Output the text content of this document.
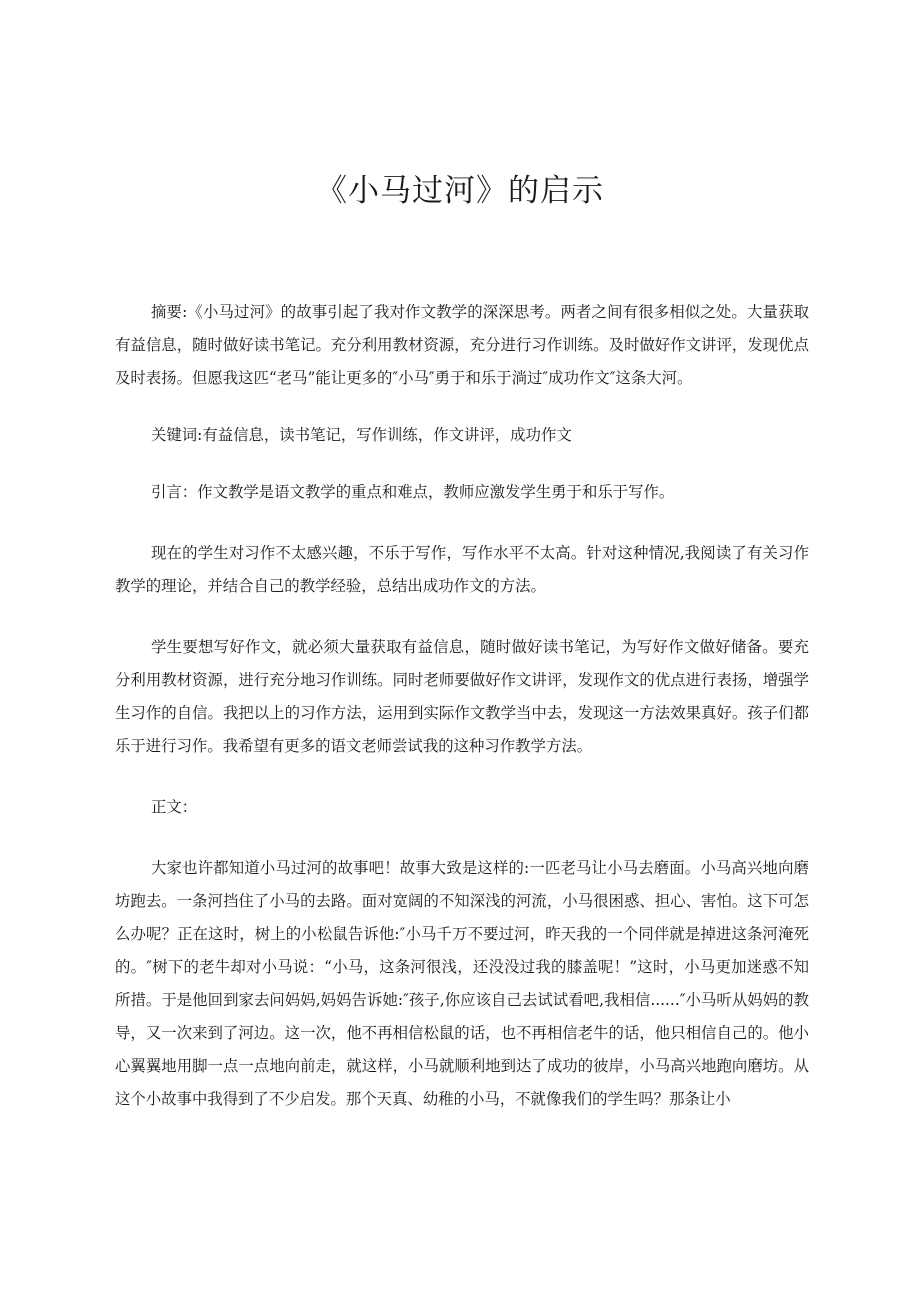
《小马过河》的启示

摘要:《小马过河》的故事引起了我对作文教学的深深思考。两者之间有很多相似之处。大量获取有益信息，随时做好读书笔记。充分利用教材资源，充分进行习作训练。及时做好作文讲评，发现优点及时表扬。但愿我这匹“老马”能让更多的″小马″勇于和乐于淌过″成功作文″这条大河。

关键词:有益信息，读书笔记，写作训练，作文讲评，成功作文

引言：作文教学是语文教学的重点和难点，教师应激发学生勇于和乐于写作。

现在的学生对习作不太感兴趣，不乐于写作，写作水平不太高。针对这种情况,我阅读了有关习作教学的理论，并结合自己的教学经验，总结出成功作文的方法。

学生要想写好作文，就必须大量获取有益信息，随时做好读书笔记，为写好作文做好储备。要充分利用教材资源，进行充分地习作训练。同时老师要做好作文讲评，发现作文的优点进行表扬，增强学生习作的自信。我把以上的习作方法，运用到实际作文教学当中去，发现这一方法效果真好。孩子们都乐于进行习作。我希望有更多的语文老师尝试我的这种习作教学方法。

正文：

大家也许都知道小马过河的故事吧！故事大致是这样的:一匹老马让小马去磨面。小马高兴地向磨坊跑去。一条河挡住了小马的去路。面对宽阔的不知深浅的河流，小马很困惑、担心、害怕。这下可怎么办呢？正在这时，树上的小松鼠告诉他:″小马千万不要过河，昨天我的一个同伴就是掉进这条河淹死的。″树下的老牛却对小马说：“小马，这条河很浅，还没没过我的膝盖呢！”这时，小马更加迷惑不知所措。于是他回到家去问妈妈,妈妈告诉她:″孩子,你应该自己去试试看吧,我相信......″小马听从妈妈的教导，又一次来到了河边。这一次，他不再相信松鼠的话，也不再相信老牛的话，他只相信自己的。他小心翼翼地用脚一点一点地向前走，就这样，小马就顺利地到达了成功的彼岸，小马高兴地跑向磨坊。从这个小故事中我得到了不少启发。那个天真、幼稚的小马，不就像我们的学生吗？那条让小
